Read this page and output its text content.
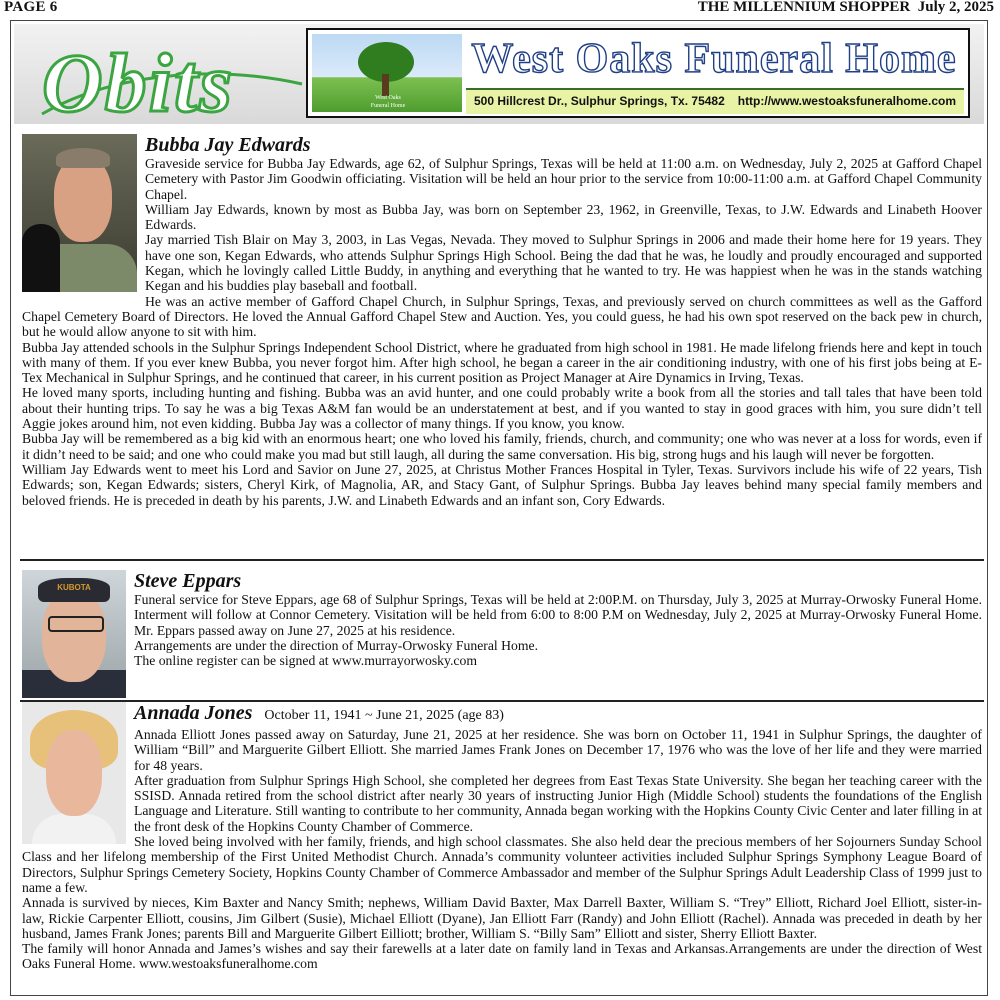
PAGE 6	THE MILLENNIUM SHOPPER July 2, 2025
Obits	West Oaks
Funeral Home
West Oaks Funeral Home
500 Hillcrest Dr., Sulphur Springs, Tx. 75482 http://www.westoaksfuneralhome.com
Bubba Jay Edwards

Graveside service for Bubba Jay Edwards, age 62, of Sulphur Springs, Texas will be held at 11:00 a.m. on Wednesday, July 2, 2025 at Gafford Chapel Cemetery with Pastor Jim Goodwin officiating. Visitation will be held an hour prior to the service from 10:00-11:00 a.m. at Gafford Chapel Community Chapel.

William Jay Edwards, known by most as Bubba Jay, was born on September 23, 1962, in Greenville, Texas, to J.W. Edwards and Linabeth Hoover Edwards.

Jay married Tish Blair on May 3, 2003, in Las Vegas, Nevada. They moved to Sulphur Springs in 2006 and made their home here for 19 years. They have one son, Kegan Edwards, who attends Sulphur Springs High School. Being the dad that he was, he loudly and proudly encouraged and supported Kegan, which he lovingly called Little Buddy, in anything and everything that he wanted to try. He was happiest when he was in the stands watching Kegan and his buddies play baseball and football.

He was an active member of Gafford Chapel Church, in Sulphur Springs, Texas, and previously served on church committees as well as the Gafford Chapel Cemetery Board of Directors. He loved the Annual Gafford Chapel Stew and Auction. Yes, you could guess, he had his own spot reserved on the back pew in church, but he would allow anyone to sit with him.

Bubba Jay attended schools in the Sulphur Springs Independent School District, where he graduated from high school in 1981. He made lifelong friends here and kept in touch with many of them. If you ever knew Bubba, you never forgot him. After high school, he began a career in the air conditioning industry, with one of his first jobs being at E-Tex Mechanical in Sulphur Springs, and he continued that career, in his current position as Project Manager at Aire Dynamics in Irving, Texas.

He loved many sports, including hunting and fishing. Bubba was an avid hunter, and one could probably write a book from all the stories and tall tales that have been told about their hunting trips. To say he was a big Texas A&M fan would be an understatement at best, and if you wanted to stay in good graces with him, you sure didn’t tell Aggie jokes around him, not even kidding. Bubba Jay was a collector of many things. If you know, you know.

Bubba Jay will be remembered as a big kid with an enormous heart; one who loved his family, friends, church, and community; one who was never at a loss for words, even if it didn’t need to be said; and one who could make you mad but still laugh, all during the same conversation. His big, strong hugs and his laugh will never be forgotten.

William Jay Edwards went to meet his Lord and Savior on June 27, 2025, at Christus Mother Frances Hospital in Tyler, Texas. Survivors include his wife of 22 years, Tish Edwards; son, Kegan Edwards; sisters, Cheryl Kirk, of Magnolia, AR, and Stacy Gant, of Sulphur Springs. Bubba Jay leaves behind many special family members and beloved friends. He is preceded in death by his parents, J.W. and Linabeth Edwards and an infant son, Cory Edwards.

KUBOTA	Steve Eppars

Funeral service for Steve Eppars, age 68 of Sulphur Springs, Texas will be held at 2:00P.M. on Thursday, July 3, 2025 at Murray-Orwosky Funeral Home. Interment will follow at Connor Cemetery. Visitation will be held from 6:00 to 8:00 P.M on Wednesday, July 2, 2025 at Murray-Orwosky Funeral Home. Mr. Eppars passed away on June 27, 2025 at his residence.

Arrangements are under the direction of Murray-Orwosky Funeral Home.

The online register can be signed at www.murrayorwosky.com

Annada Jones October 11, 1941 ~ June 21, 2025 (age 83)

Annada Elliott Jones passed away on Saturday, June 21, 2025 at her residence. She was born on October 11, 1941 in Sulphur Springs, the daughter of William “Bill” and Marguerite Gilbert Elliott. She married James Frank Jones on December 17, 1976 who was the love of her life and they were married for 48 years.

After graduation from Sulphur Springs High School, she completed her degrees from East Texas State University. She began her teaching career with the SSISD. Annada retired from the school district after nearly 30 years of instructing Junior High (Middle School) students the foundations of the English Language and Literature. Still wanting to contribute to her community, Annada began working with the Hopkins County Civic Center and later filling in at the front desk of the Hopkins County Chamber of Commerce.

She loved being involved with her family, friends, and high school classmates. She also held dear the precious members of her Sojourners Sunday School Class and her lifelong membership of the First United Methodist Church. Annada’s community volunteer activities included Sulphur Springs Symphony League Board of Directors, Sulphur Springs Cemetery Society, Hopkins County Chamber of Commerce Ambassador and member of the Sulphur Springs Adult Leadership Class of 1999 just to name a few.

Annada is survived by nieces, Kim Baxter and Nancy Smith; nephews, William David Baxter, Max Darrell Baxter, William S. “Trey” Elliott, Richard Joel Elliott, sister-in-law, Rickie Carpenter Elliott, cousins, Jim Gilbert (Susie), Michael Elliott (Dyane), Jan Elliott Farr (Randy) and John Elliott (Rachel). Annada was preceded in death by her husband, James Frank Jones; parents Bill and Marguerite Gilbert Eilliott; brother, William S. “Billy Sam” Elliott and sister, Sherry Elliott Baxter.

The family will honor Annada and James’s wishes and say their farewells at a later date on family land in Texas and Arkansas.Arrangements are under the direction of West Oaks Funeral Home. www.westoaksfuneralhome.com
